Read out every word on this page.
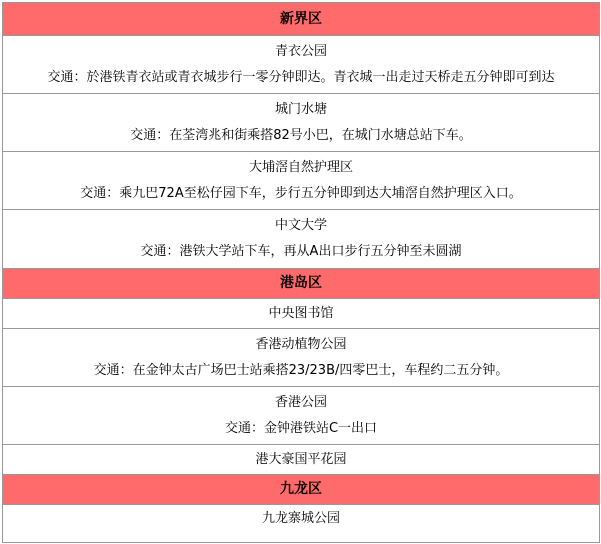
新界区
青衣公园
交通：於港铁青衣站或青衣城步行一零分钟即达。青衣城一出走过天桥走五分钟即可到达
城门水塘
交通：在荃湾兆和街乘搭82号小巴，在城门水塘总站下车。
大埔滘自然护理区
交通：乘九巴72A至松仔园下车，步行五分钟即到达大埔滘自然护理区入口。
中文大学
交通：港铁大学站下车，再从A出口步行五分钟至未圆湖
港岛区
中央图书馆
香港动植物公园
交通：在金钟太古广场巴士站乘搭23/23B/四零巴士，车程约二五分钟。
香港公园
交通：金钟港铁站C一出口
港大豪国平花园
九龙区
九龙寨城公园
